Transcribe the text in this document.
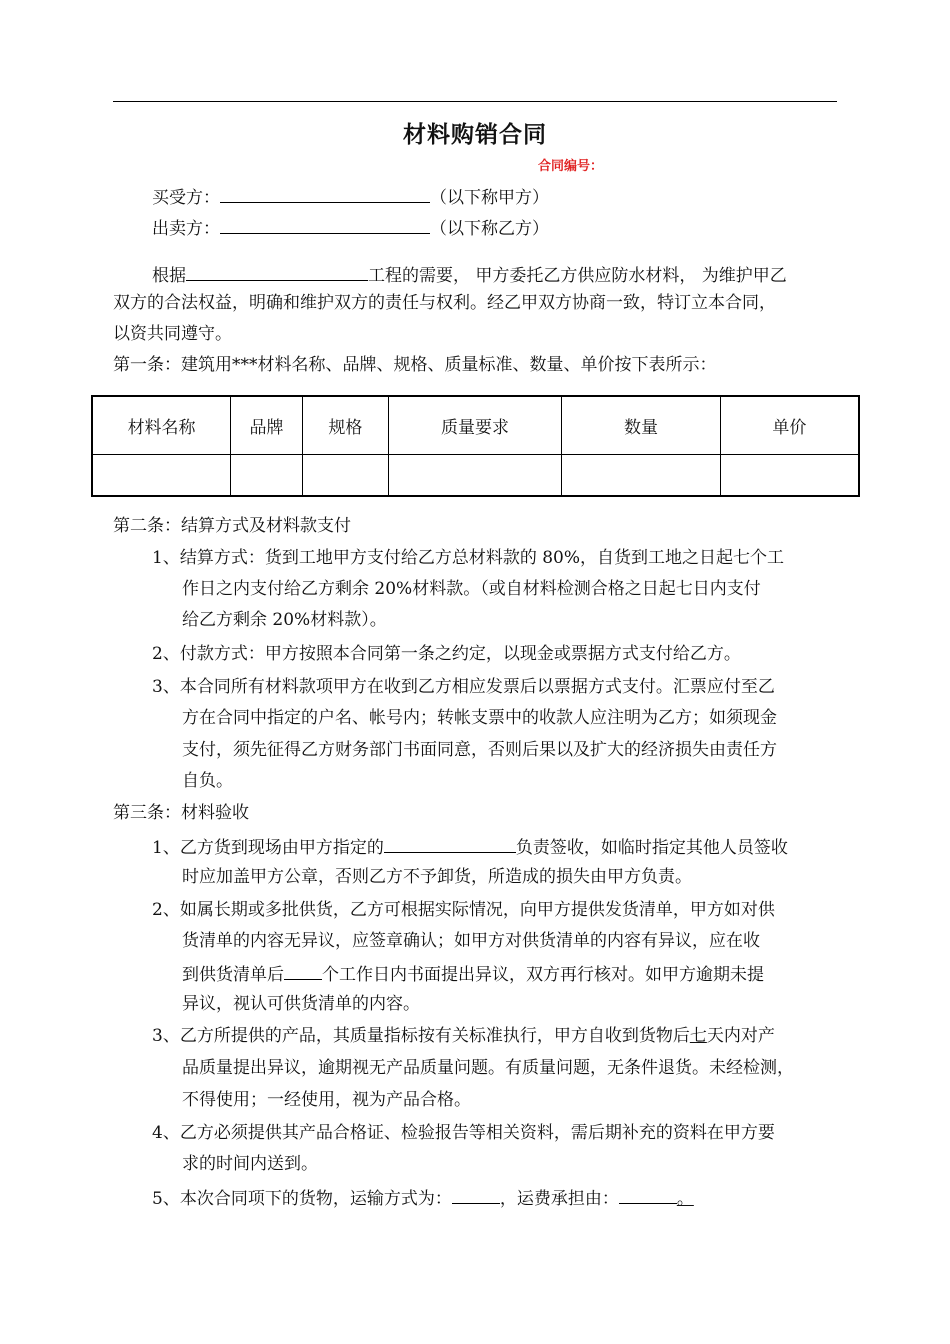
材料购销合同
合同编号：
买受方：	（以下称甲方）
出卖方：	（以下称乙方）
根据	工程的需要， 甲方委托乙方供应防水材料， 为维护甲乙
双方的合法权益，明确和维护双方的责任与权利。经乙甲双方协商一致，特订立本合同，
以资共同遵守。
第一条：建筑用***材料名称、品牌、规格、质量标准、数量、单价按下表所示：
材料名称	品牌	规格	质量要求	数量	单价

第二条：结算方式及材料款支付
1、结算方式：货到工地甲方支付给乙方总材料款的 80%，自货到工地之日起七个工
作日之内支付给乙方剩余 20%材料款。（或自材料检测合格之日起七日内支付
给乙方剩余 20%材料款）。
2、付款方式：甲方按照本合同第一条之约定，以现金或票据方式支付给乙方。
3、本合同所有材料款项甲方在收到乙方相应发票后以票据方式支付。汇票应付至乙
方在合同中指定的户名、帐号内；转帐支票中的收款人应注明为乙方；如须现金
支付，须先征得乙方财务部门书面同意，否则后果以及扩大的经济损失由责任方
自负。
第三条：材料验收
1、乙方货到现场由甲方指定的	负责签收，如临时指定其他人员签收
时应加盖甲方公章，否则乙方不予卸货，所造成的损失由甲方负责。
2、如属长期或多批供货，乙方可根据实际情况，向甲方提供发货清单，甲方如对供
货清单的内容无异议，应签章确认；如甲方对供货清单的内容有异议，应在收
到供货清单后 个工作日内书面提出异议，双方再行核对。如甲方逾期未提
异议，视认可供货清单的内容。
3、乙方所提供的产品，其质量指标按有关标准执行，甲方自收到货物后七天内对产
品质量提出异议，逾期视无产品质量问题。有质量问题，无条件退货。未经检测，
不得使用；一经使用，视为产品合格。
4、乙方必须提供其产品合格证、检验报告等相关资料，需后期补充的资料在甲方要
求的时间内送到。
5、本次合同项下的货物，运输方式为：	，运费承担由：	。
